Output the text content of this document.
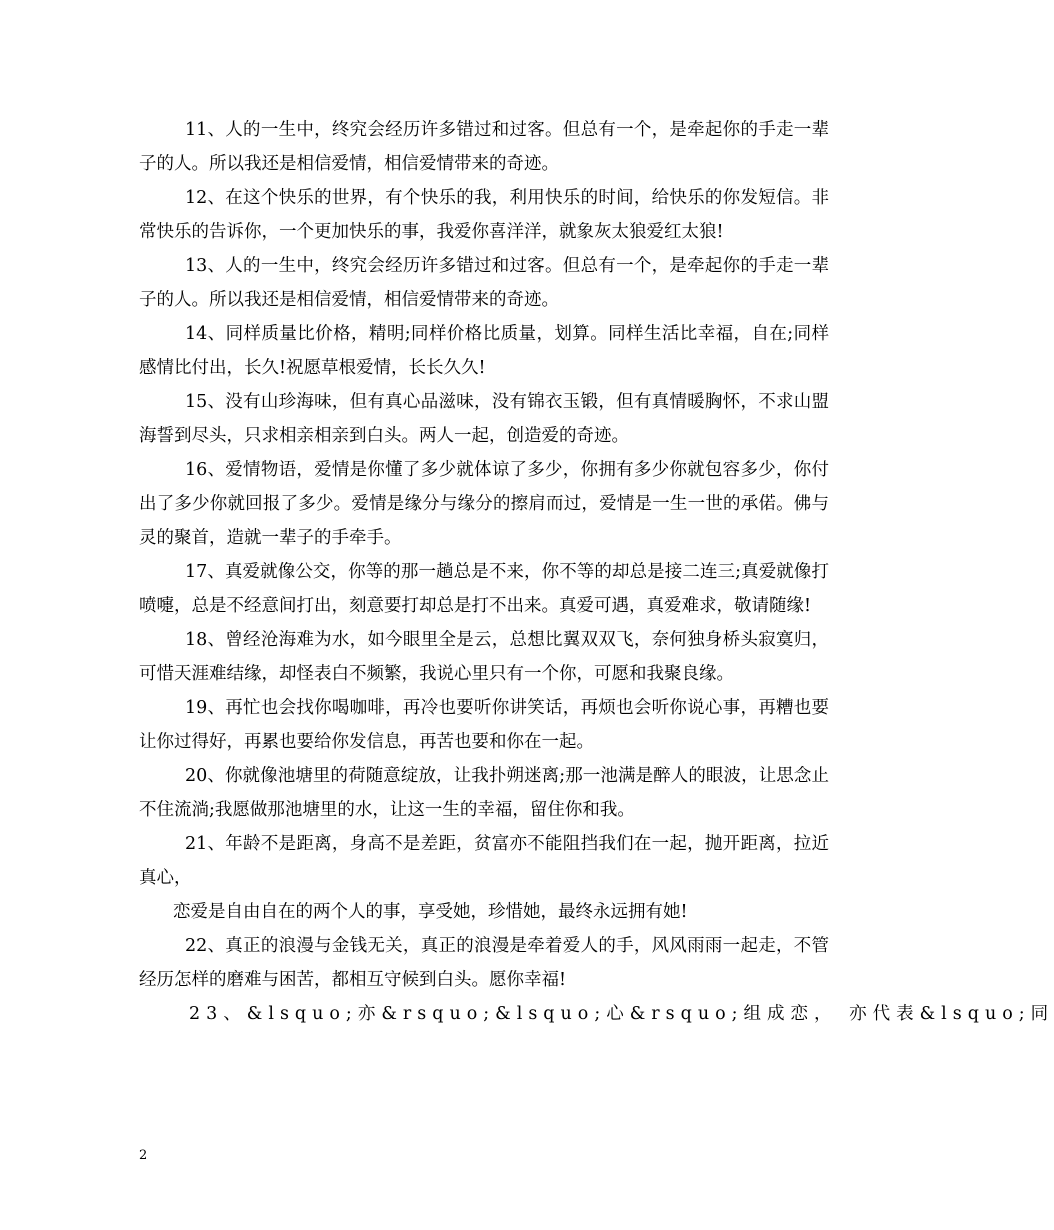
11、人的一生中，终究会经历许多错过和过客。但总有一个，是牵起你的手走一辈子的人。所以我还是相信爱情，相信爱情带来的奇迹。

12、在这个快乐的世界，有个快乐的我，利用快乐的时间，给快乐的你发短信。非常快乐的告诉你，一个更加快乐的事，我爱你喜洋洋，就象灰太狼爱红太狼!

13、人的一生中，终究会经历许多错过和过客。但总有一个，是牵起你的手走一辈子的人。所以我还是相信爱情，相信爱情带来的奇迹。

14、同样质量比价格，精明;同样价格比质量，划算。同样生活比幸福，自在;同样感情比付出，长久!祝愿草根爱情，长长久久!

15、没有山珍海味，但有真心品滋味，没有锦衣玉锻，但有真情暖胸怀，不求山盟海誓到尽头，只求相亲相亲到白头。两人一起，创造爱的奇迹。

16、爱情物语，爱情是你懂了多少就体谅了多少，你拥有多少你就包容多少，你付出了多少你就回报了多少。爱情是缘分与缘分的擦肩而过，爱情是一生一世的承偌。佛与灵的聚首，造就一辈子的手牵手。

17、真爱就像公交，你等的那一趟总是不来，你不等的却总是接二连三;真爱就像打喷嚏，总是不经意间打出，刻意要打却总是打不出来。真爱可遇，真爱难求，敬请随缘!

18、曾经沧海难为水，如今眼里全是云，总想比翼双双飞，奈何独身桥头寂寞归，可惜天涯难结缘，却怪表白不频繁，我说心里只有一个你，可愿和我聚良缘。

19、再忙也会找你喝咖啡，再冷也要听你讲笑话，再烦也会听你说心事，再糟也要让你过得好，再累也要给你发信息，再苦也要和你在一起。

20、你就像池塘里的荷随意绽放，让我扑朔迷离;那一池满是醉人的眼波，让思念止不住流淌;我愿做那池塘里的水，让这一生的幸福，留住你和我。

21、年龄不是距离，身高不是差距，贫富亦不能阻挡我们在一起，抛开距离，拉近真心，

恋爱是自由自在的两个人的事，享受她，珍惜她，最终永远拥有她!

22、真正的浪漫与金钱无关，真正的浪漫是牵着爱人的手，风风雨雨一起走，不管经历怎样的磨难与困苦，都相互守候到白头。愿你幸福!

23、&lsquo;亦&rsquo;&lsquo;心&rsquo;组成恋， 亦代表&lsquo;同

2
